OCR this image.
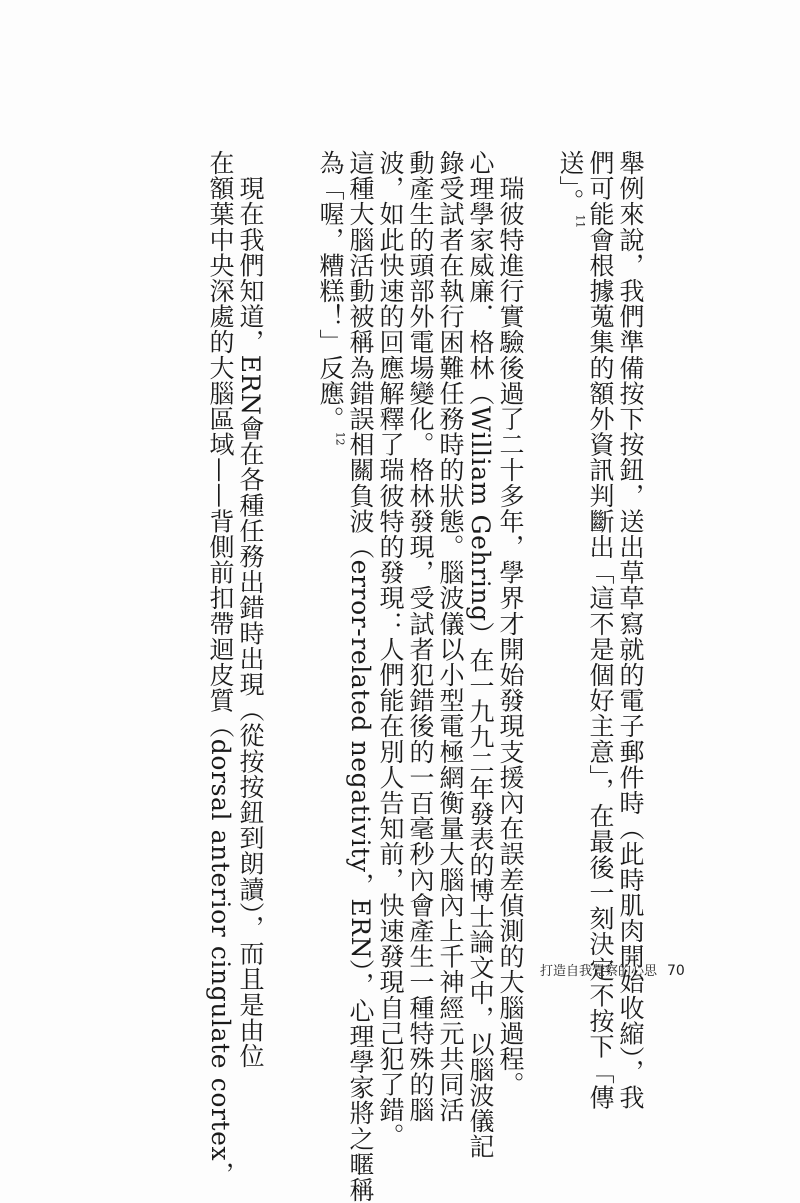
舉例來說，我們準備按下按鈕，送出草草寫就的電子郵件時（此時肌肉開始收縮），我
們可能會根據蒐集的額外資訊判斷出「這不是個好主意」，在最後一刻決定不按下「傳
送」。$^{11}$
　瑞彼特進行實驗後過了二十多年，學界才開始發現支援內在誤差偵測的大腦過程。
心理學家威廉．格林（William Gehring）在一九九二年發表的博士論文中，以腦波儀記
錄受試者在執行困難任務時的狀態。腦波儀以小型電極網衡量大腦內上千神經元共同活
動產生的頭部外電場變化。格林發現，受試者犯錯後的一百毫秒內會產生一種特殊的腦
波，如此快速的回應解釋了瑞彼特的發現：人們能在別人告知前，快速發現自己犯了錯。
這種大腦活動被稱為錯誤相關負波（error-related negativity，ERN），心理學家將之暱稱
為「喔，糟糕！」反應。$^{12}$
　現在我們知道，ERN會在各種任務出錯時出現（從按按鈕到朗讀），而且是由位
在額葉中央深處的大腦區域——背側前扣帶迴皮質（dorsal anterior cingulate cortex，	打造自我覺察的心思 70
